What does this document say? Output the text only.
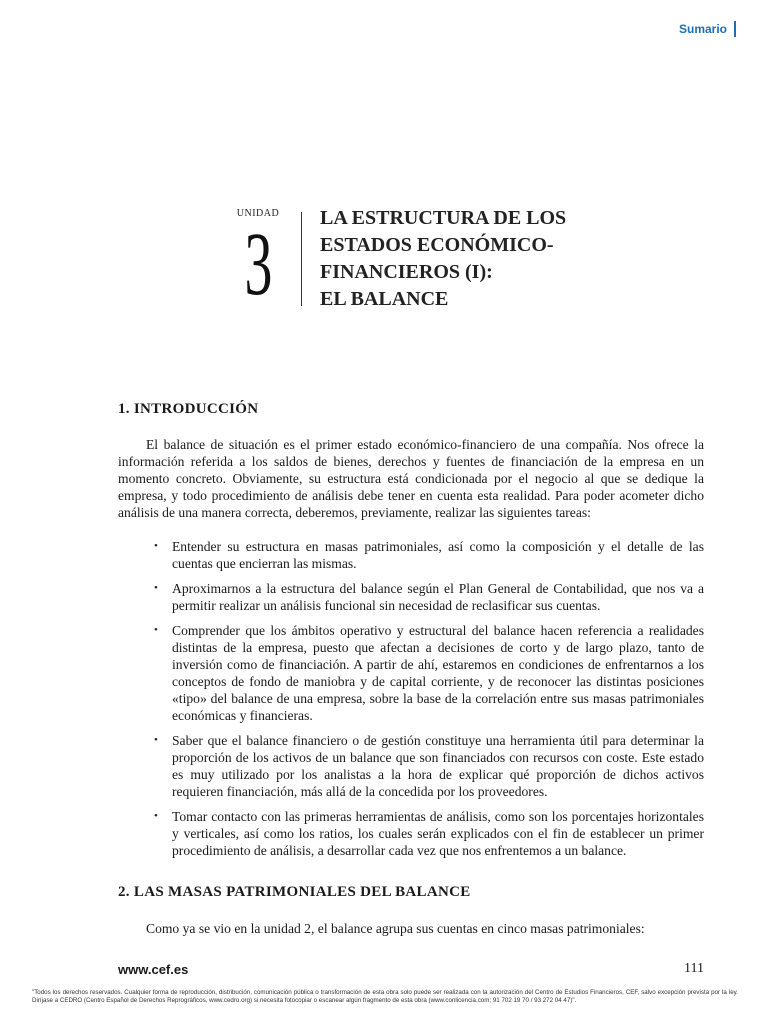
Sumario
UNIDAD
3	LA ESTRUCTURA DE LOS
ESTADOS ECONÓMICO-
FINANCIEROS (I):
EL BALANCE
1. INTRODUCCIÓN

El balance de situación es el primer estado económico-financiero de una compañía. Nos ofrece la información referida a los saldos de bienes, derechos y fuentes de financiación de la empresa en un momento concreto. Obviamente, su estructura está condicionada por el negocio al que se dedique la empresa, y todo procedimiento de análisis debe tener en cuenta esta realidad. Para poder acometer dicho análisis de una manera correcta, deberemos, previamente, realizar las siguientes tareas:

• Entender su estructura en masas patrimoniales, así como la composición y el detalle de las cuentas que encierran las mismas.
• Aproximarnos a la estructura del balance según el Plan General de Contabilidad, que nos va a permitir realizar un análisis funcional sin necesidad de reclasificar sus cuentas.
• Comprender que los ámbitos operativo y estructural del balance hacen referencia a realidades distintas de la empresa, puesto que afectan a decisiones de corto y de largo plazo, tanto de inversión como de financiación. A partir de ahí, estaremos en condiciones de enfrentarnos a los conceptos de fondo de maniobra y de capital corriente, y de reconocer las distintas posiciones «tipo» del balance de una empresa, sobre la base de la correlación entre sus masas patrimoniales económicas y financieras.
• Saber que el balance financiero o de gestión constituye una herramienta útil para determinar la proporción de los activos de un balance que son financiados con recursos con coste. Este estado es muy utilizado por los analistas a la hora de explicar qué proporción de dichos activos requieren financiación, más allá de la concedida por los proveedores.
• Tomar contacto con las primeras herramientas de análisis, como son los porcentajes horizontales y verticales, así como los ratios, los cuales serán explicados con el fin de establecer un primer procedimiento de análisis, a desarrollar cada vez que nos enfrentemos a un balance.
2. LAS MASAS PATRIMONIALES DEL BALANCE

Como ya se vio en la unidad 2, el balance agrupa sus cuentas en cinco masas patrimoniales:

www.cef.es	111
"Todos los derechos reservados. Cualquier forma de reproducción, distribución, comunicación pública o transformación de esta obra solo puede ser realizada con la autorización del Centro de Estudios Financieros, CEF, salvo excepción prevista por la ley. Diríjase a CEDRO (Centro Español de Derechos Reprográficos, www.cedro.org) si necesita fotocopiar o escanear algún fragmento de esta obra (www.conlicencia.com; 91 702 19 70 / 93 272 04 47)".
